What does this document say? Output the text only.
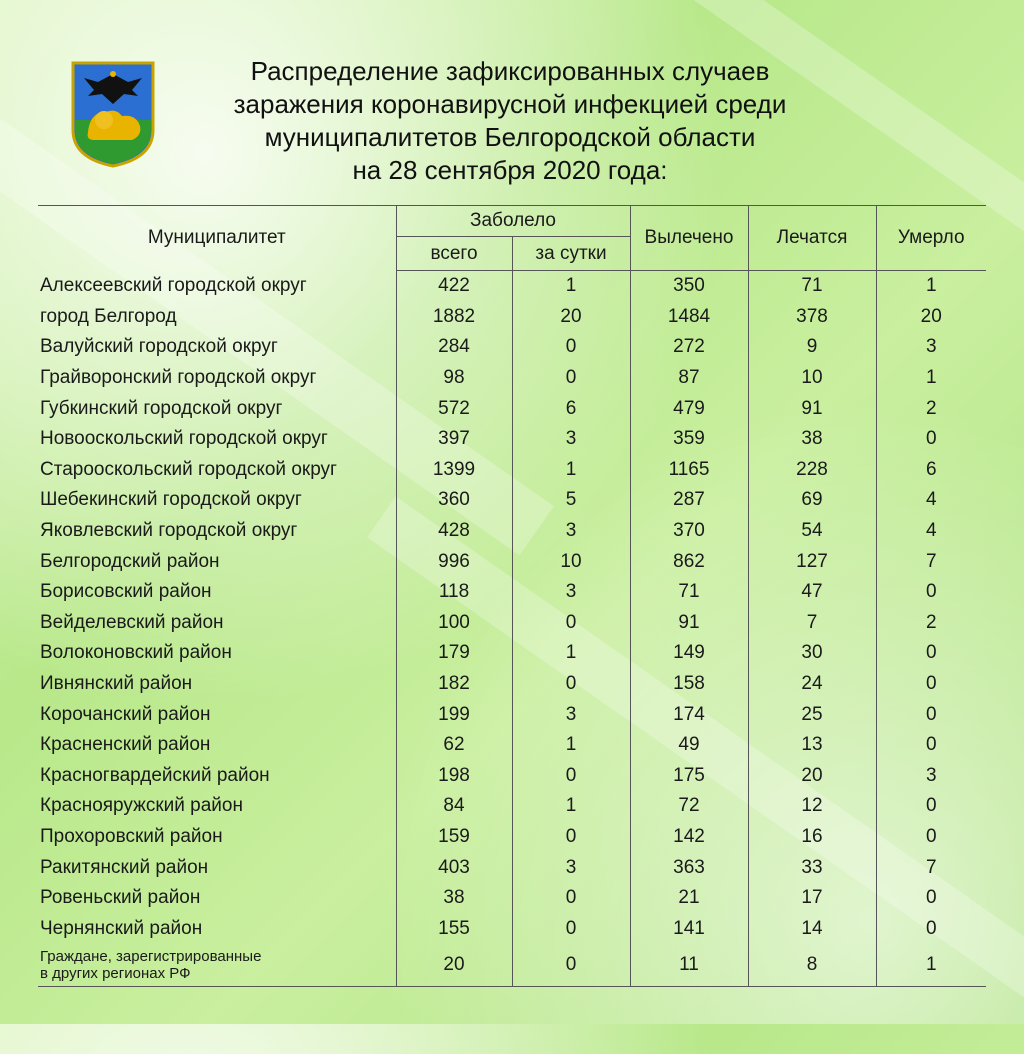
Распределение зафиксированных случаев
заражения коронавирусной инфекцией среди
муниципалитетов Белгородской области
на 28 сентября 2020 года:
Муниципалитет	Заболело		Вылечено	Лечатся	Умерло
	всего	за сутки			
Алексеевский городской округ	422	1	350	71	1
город Белгород	1882	20	1484	378	20
Валуйский городской округ	284	0	272	9	3
Грайворонский городской округ	98	0	87	10	1
Губкинский городской округ	572	6	479	91	2
Новооскольский городской округ	397	3	359	38	0
Старооскольский городской округ	1399	1	1165	228	6
Шебекинский городской округ	360	5	287	69	4
Яковлевский городской округ	428	3	370	54	4
Белгородский район	996	10	862	127	7
Борисовский район	118	3	71	47	0
Вейделевский район	100	0	91	7	2
Волоконовский район	179	1	149	30	0
Ивнянский район	182	0	158	24	0
Корочанский район	199	3	174	25	0
Красненский район	62	1	49	13	0
Красногвардейский район	198	0	175	20	3
Краснояружский район	84	1	72	12	0
Прохоровский район	159	0	142	16	0
Ракитянский район	403	3	363	33	7
Ровеньский район	38	0	21	17	0
Чернянский район	155	0	141	14	0

Граждане, зарегистрированные
в других регионах РФ	20	0	11	8	1
